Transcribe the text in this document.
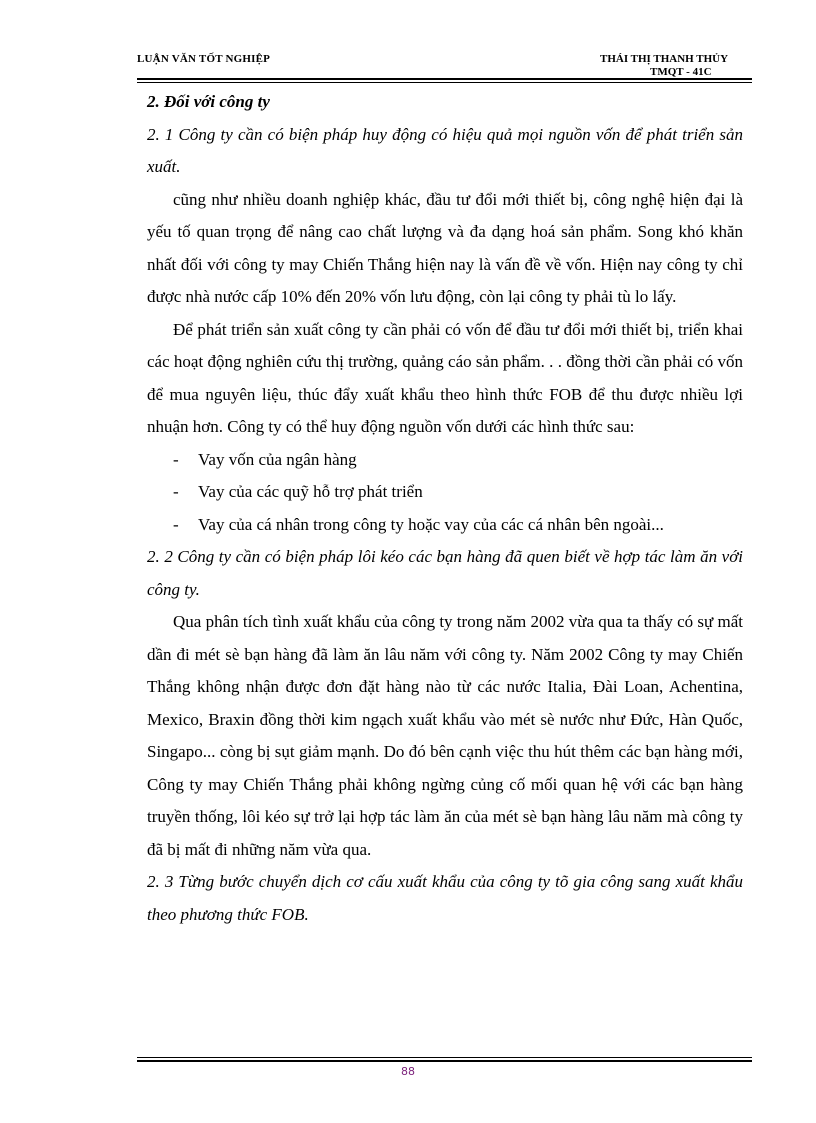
LUẬN VĂN TỐT NGHIỆP	THÁI THỊ THANH THỦY
TMQT - 41C

2. Đối với công ty

2. 1 Công ty cần có biện pháp huy động có hiệu quả mọi nguồn vốn để phát triển sản xuất.

cũng như nhiều doanh nghiệp khác, đầu tư đổi mới thiết bị, công nghệ hiện đại là yếu tố quan trọng để nâng cao chất lượng và đa dạng hoá sản phẩm. Song khó khăn nhất đối với công ty may Chiến Thắng hiện nay là vấn đề về vốn. Hiện nay công ty chỉ được nhà nước cấp 10% đến 20% vốn lưu động, còn lại công ty phải tù lo lấy.

Để phát triển sản xuất công ty cần phải có vốn để đầu tư đổi mới thiết bị, triển khai các hoạt động nghiên cứu thị trường, quảng cáo sản phẩm. . . đồng thời cần phải có vốn để mua nguyên liệu, thúc đẩy xuất khẩu theo hình thức FOB để thu được nhiều lợi nhuận hơn. Công ty có thể huy động nguồn vốn dưới các hình thức sau:

- Vay vốn của ngân hàng
- Vay của các quỹ hỗ trợ phát triển
- Vay của cá nhân trong công ty hoặc vay của các cá nhân bên ngoài...

2. 2 Công ty cần có biện pháp lôi kéo các bạn hàng đã quen biết về hợp tác làm ăn với công ty.

Qua phân tích tình xuất khẩu của công ty trong năm 2002 vừa qua ta thấy có sự mất dần đi mét sè bạn hàng đã làm ăn lâu năm với công ty. Năm 2002 Công ty may Chiến Thắng không nhận được đơn đặt hàng nào từ các nước Italia, Đài Loan, Achentina, Mexico, Braxin đồng thời kim ngạch xuất khẩu vào mét sè nước như Đức, Hàn Quốc, Singapo... còng bị sụt giảm mạnh. Do đó bên cạnh việc thu hút thêm các bạn hàng mới, Công ty may Chiến Thắng phải không ngừng củng cố mối quan hệ với các bạn hàng truyền thống, lôi kéo sự trở lại hợp tác làm ăn của mét sè bạn hàng lâu năm mà công ty đã bị mất đi những năm vừa qua.

2. 3 Từng bước chuyển dịch cơ cấu xuất khẩu của công ty tõ gia công sang xuất khẩu theo phương thức FOB.

88
